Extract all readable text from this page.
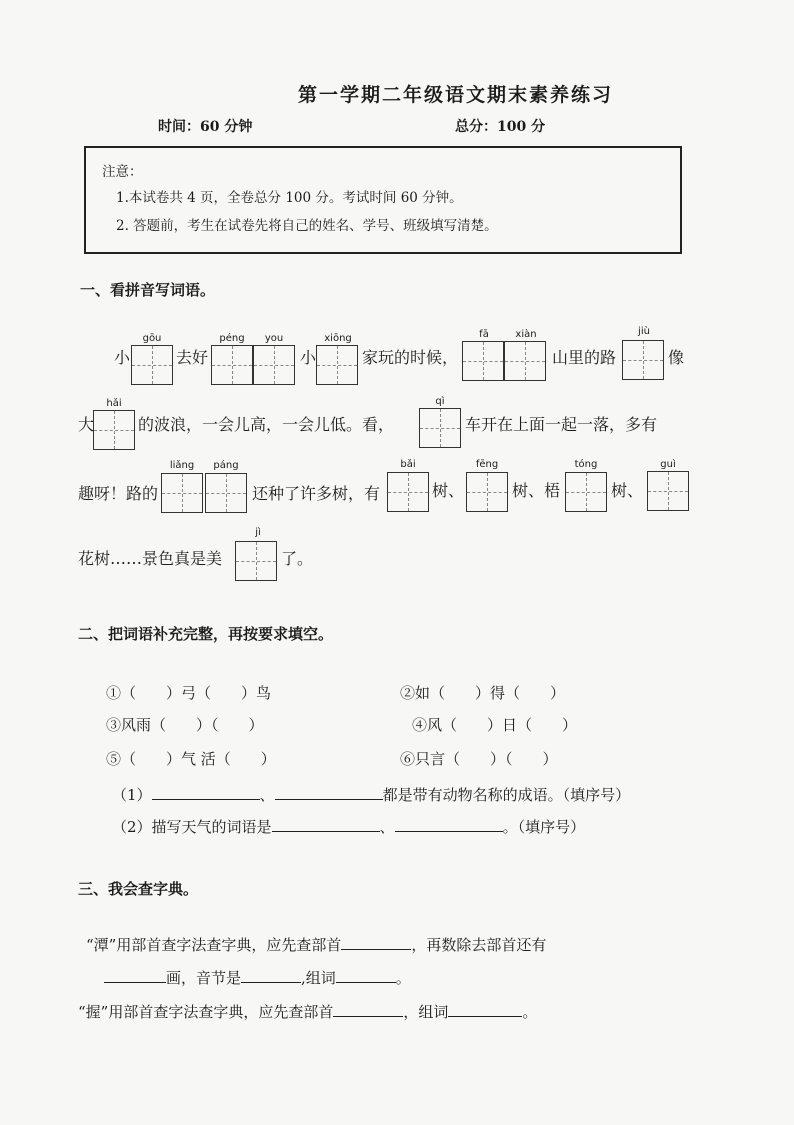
第一学期二年级语文期末素养练习
时间：60 分钟	总分：100 分
注意：
1.本试卷共 4 页，全卷总分 100 分。考试时间 60 分钟。
2. 答题前，考生在试卷先将自己的姓名、学号、班级填写清楚。
一、看拼音写词语。
gōu	péng	you	xiōng	fā	xiàn	jiù
小	去好	小	家玩的时候，	山里的路	像
hǎi	qì
大	的波浪，一会儿高，一会儿低。看，	车开在上面一起一落，多有
liǎng	páng	bǎi	fēng	tóng	guì
趣呀！路的	还种了许多树，有	树、	树、梧	树、
jì
花树……景色真是美	了。
二、把词语补充完整，再按要求填空。
①（　　）弓（　　）鸟	②如（　　）得（　　）
③风雨（　　）（　　）	④风（　　）日（　　）
⑤（　　）气 活（　　）	⑥只言（　　）（　　）
（1）	、	都是带有动物名称的成语。（填序号）
（2）描写天气的词语是	、	。（填序号）
三、我会查字典。
“潭”用部首查字法查字典，应先查部首	，再数除去部首还有
画，音节是	,组词	。
“握”用部首查字法查字典，应先查部首	，组词	。
